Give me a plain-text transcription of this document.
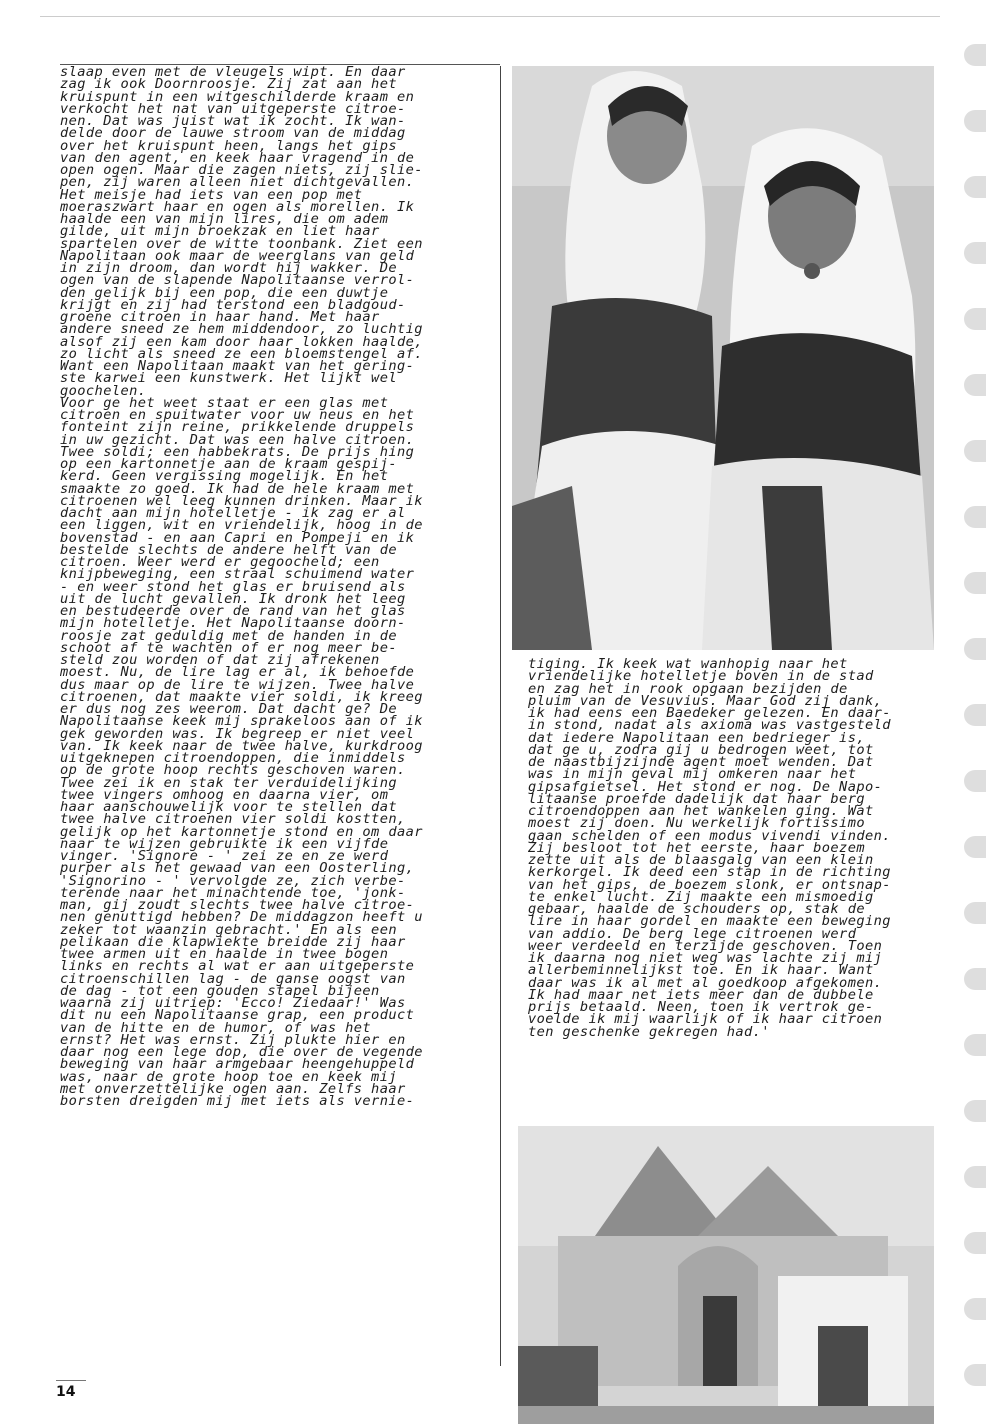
slaap even met de vleugels wipt. En daar
zag ik ook Doornroosje. Zij zat aan het
kruispunt in een witgeschilderde kraam en
verkocht het nat van uitgeperste citroe-
nen. Dat was juist wat ik zocht. Ik wan-
delde door de lauwe stroom van de middag
over het kruispunt heen, langs het gips
van den agent, en keek haar vragend in de
open ogen. Maar die zagen niets, zij slie-
pen, zij waren alleen niet dichtgevallen.
Het meisje had iets van een pop met
moeraszwart haar en ogen als morellen. Ik
haalde een van mijn lires, die om adem
gilde, uit mijn broekzak en liet haar
spartelen over de witte toonbank. Ziet een
Napolitaan ook maar de weerglans van geld
in zijn droom, dan wordt hij wakker. De
ogen van de slapende Napolitaanse verrol-
den gelijk bij een pop, die een duwtje
krijgt en zij had terstond een bladgoud-
groene citroen in haar hand. Met haar
andere sneed ze hem middendoor, zo luchtig
alsof zij een kam door haar lokken haalde,
zo licht als sneed ze een bloemstengel af.
Want een Napolitaan maakt van het gering-
ste karwei een kunstwerk. Het lijkt wel
goochelen.
Voor ge het weet staat er een glas met
citroen en spuitwater voor uw neus en het
fonteint zijn reine, prikkelende druppels
in uw gezicht. Dat was een halve citroen.
Twee soldi; een habbekrats. De prijs hing
op een kartonnetje aan de kraam gespij-
kerd. Geen vergissing mogelijk. En het
smaakte zo goed. Ik had de hele kraam met
citroenen wel leeg kunnen drinken. Maar ik
dacht aan mijn hotelletje - ik zag er al
een liggen, wit en vriendelijk, hoog in de
bovenstad - en aan Capri en Pompeji en ik
bestelde slechts de andere helft van de
citroen. Weer werd er gegoocheld; een
knijpbeweging, een straal schuimend water
- en weer stond het glas er bruisend als
uit de lucht gevallen. Ik dronk het leeg
en bestudeerde over de rand van het glas
mijn hotelletje. Het Napolitaanse doorn-
roosje zat geduldig met de handen in de
schoot af te wachten of er nog meer be-
steld zou worden of dat zij afrekenen
moest. Nu, de lire lag er al, ik behoefde
dus maar op de lire te wijzen. Twee halve
citroenen, dat maakte vier soldi, ik kreeg
er dus nog zes weerom. Dat dacht ge? De
Napolitaanse keek mij sprakeloos aan of ik
gek geworden was. Ik begreep er niet veel
van. Ik keek naar de twee halve, kurkdroog
uitgeknepen citroendoppen, die inmiddels
op de grote hoop rechts geschoven waren.
Twee zei ik en stak ter verduidelijking
twee vingers omhoog en daarna vier, om
haar aanschouwelijk voor te stellen dat
twee halve citroenen vier soldi kostten,
gelijk op het kartonnetje stond en om daar
naar te wijzen gebruikte ik een vijfde
vinger. 'Signore - ' zei ze en ze werd
purper als het gewaad van een Oosterling,
'Signorino - ' vervolgde ze, zich verbe-
terende naar het minachtende toe, 'jonk-
man, gij zoudt slechts twee halve citroe-
nen genuttigd hebben? De middagzon heeft u
zeker tot waanzin gebracht.' En als een
pelikaan die klapwiekte breidde zij haar
twee armen uit en haalde in twee bogen
links en rechts al wat er aan uitgeperste
citroenschillen lag - de ganse oogst van
de dag - tot een gouden stapel bijeen
waarna zij uitriep: 'Ecco! Ziedaar!' Was
dit nu een Napolitaanse grap, een product
van de hitte en de humor, of was het
ernst? Het was ernst. Zij plukte hier en
daar nog een lege dop, die over de vegende
beweging van haar armgebaar heengehuppeld
was, naar de grote hoop toe en keek mij
met onverzettelijke ogen aan. Zelfs haar
borsten dreigden mij met iets als vernie-

tiging. Ik keek wat wanhopig naar het
vriendelijke hotelletje boven in de stad
en zag het in rook opgaan bezijden de
pluim van de Vesuvius. Maar God zij dank,
ik had eens een Baedeker gelezen. En daar-
in stond, nadat als axioma was vastgesteld
dat iedere Napolitaan een bedrieger is,
dat ge u, zodra gij u bedrogen weet, tot
de naastbijzijnde agent moet wenden. Dat
was in mijn geval mij omkeren naar het
gipsafgietsel. Het stond er nog. De Napo-
litaanse proefde dadelijk dat haar berg
citroendoppen aan het wankelen ging. Wat
moest zij doen. Nu werkelijk fortissimo
gaan schelden of een modus vivendi vinden.
Zij besloot tot het eerste, haar boezem
zette uit als de blaasgalg van een klein
kerkorgel. Ik deed een stap in de richting
van het gips, de boezem slonk, er ontsnap-
te enkel lucht. Zij maakte een mismoedig
gebaar, haalde de schouders op, stak de
lire in haar gordel en maakte een beweging
van addio. De berg lege citroenen werd
weer verdeeld en terzijde geschoven. Toen
ik daarna nog niet weg was lachte zij mij
allerbeminnelijkst toe. En ik haar. Want
daar was ik al met al goedkoop afgekomen.
Ik had maar net iets meer dan de dubbele
prijs betaald. Neen, toen ik vertrok ge-
voelde ik mij waarlijk of ik haar citroen
ten geschenke gekregen had.'

14
